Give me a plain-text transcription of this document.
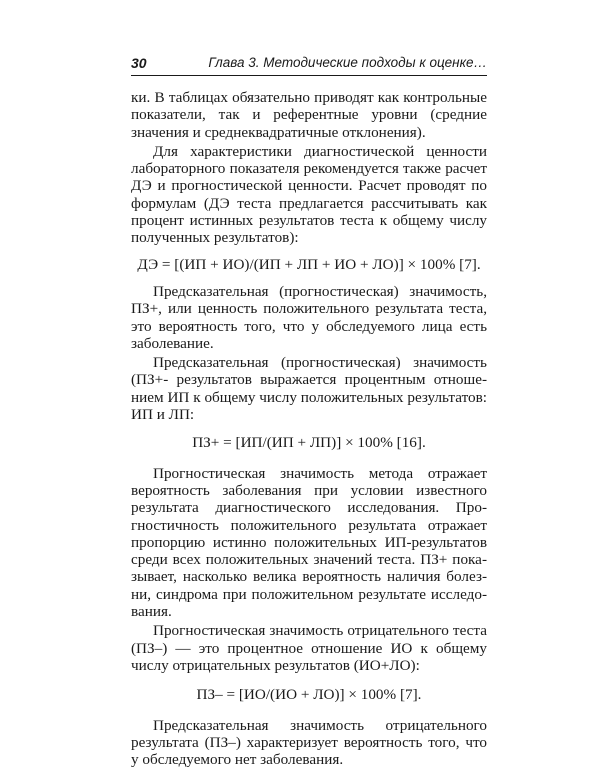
30	Глава 3. Методические подходы к оценке…

ки. В таблицах обязательно приводят как контрольные показатели, так и референтные уровни (средние значения и среднеквадратичные отклонения).

Для характеристики диагностической ценности лабораторного показателя рекомендуется также расчет ДЭ и прогностической ценности. Расчет проводят по формулам (ДЭ теста предлагается рассчитывать как процент истинных результатов теста к общему числу полученных результатов):

ДЭ = [(ИП + ИО)/(ИП + ЛП + ИО + ЛО)] × 100% [7].

Предсказательная (прогностическая) значимость, ПЗ+, или ценность положительного результата теста, это вероятность того, что у обследуемого лица есть заболевание.

Предсказательная (прогностическая) значимость (ПЗ+- результатов выражается процентным отношением ИП к общему числу положительных результатов: ИП и ЛП:

ПЗ+ = [ИП/(ИП + ЛП)] × 100% [16].

Прогностическая значимость метода отражает вероятность заболевания при условии известного результата диагностического исследования. Прогностичность положительного результата отражает пропорцию истинно положительных ИП-результатов среди всех положительных значений теста. ПЗ+ показывает, насколько велика вероятность наличия болезни, синдрома при положительном результате исследования.

Прогностическая значимость отрицательного теста (ПЗ–) — это процентное отношение ИО к общему числу отрицательных результатов (ИО+ЛО):

ПЗ– = [ИО/(ИО + ЛО)] × 100% [7].

Предсказательная значимость отрицательного результата (ПЗ–) характеризует вероятность того, что у обследуемого нет заболевания.
